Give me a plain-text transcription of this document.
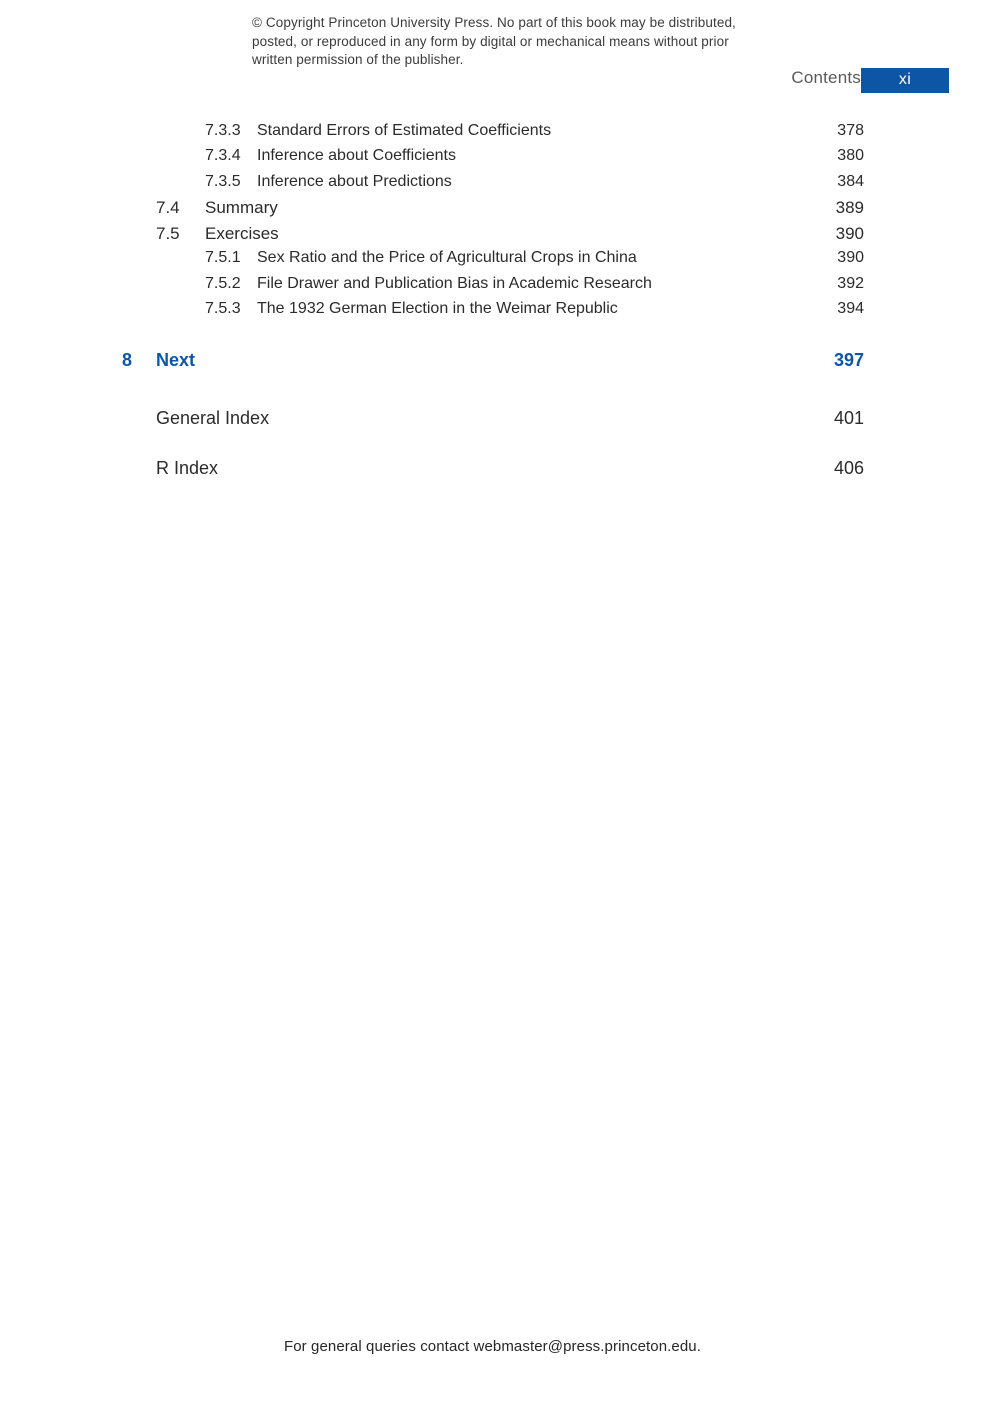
© Copyright Princeton University Press. No part of this book may be distributed, posted, or reproduced in any form by digital or mechanical means without prior written permission of the publisher.
Contents	xi
7.3.3 Standard Errors of Estimated Coefficients	378
7.3.4 Inference about Coefficients	380
7.3.5 Inference about Predictions	384
7.4 Summary	389
7.5 Exercises	390
7.5.1 Sex Ratio and the Price of Agricultural Crops in China	390
7.5.2 File Drawer and Publication Bias in Academic Research	392
7.5.3 The 1932 German Election in the Weimar Republic	394
8 Next	397
General Index	401
R Index	406
For general queries contact webmaster@press.princeton.edu.
